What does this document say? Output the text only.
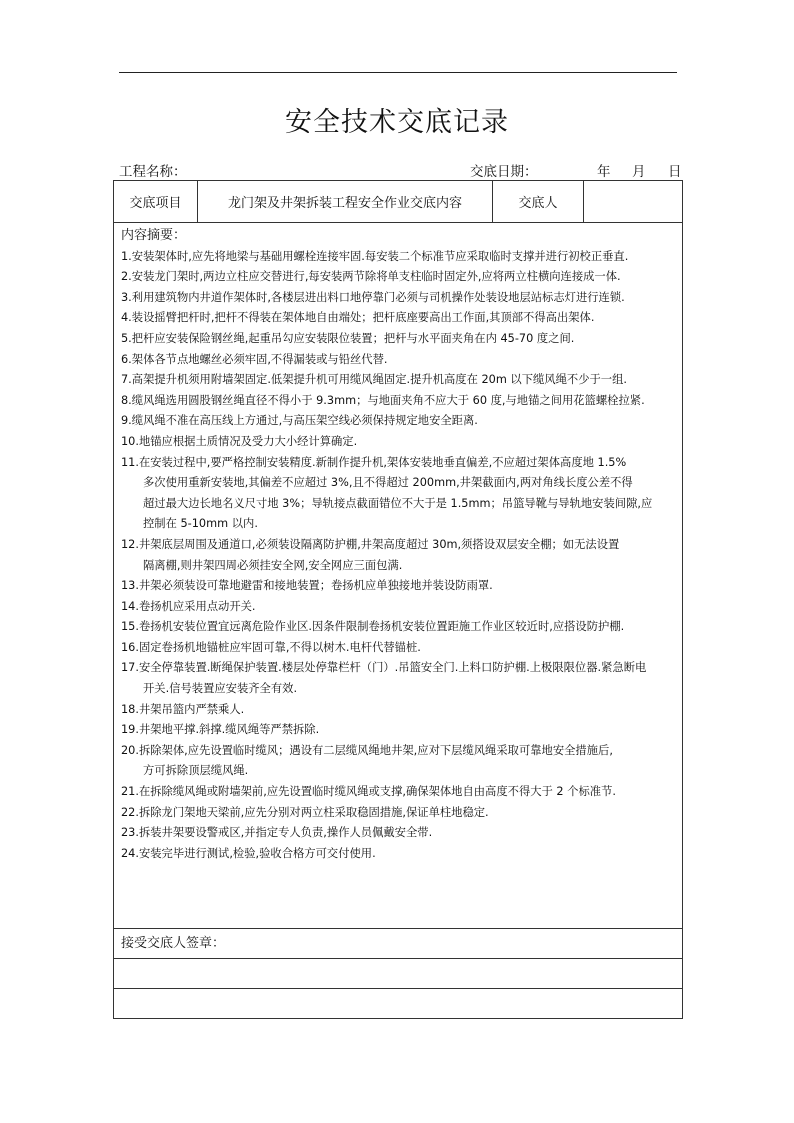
安全技术交底记录
工程名称：	交底日期：	年 月 日
交底项目	龙门架及井架拆装工程安全作业交底内容	交底人	

内容摘要：
1.安装架体时,应先将地梁与基础用螺栓连接牢固.每安装二个标准节应采取临时支撑并进行初校正垂直.
2.安装龙门架时,两边立柱应交替进行,每安装两节除将单支柱临时固定外,应将两立柱横向连接成一体.
3.利用建筑物内井道作架体时,各楼层进出料口地停靠门必须与司机操作处装设地层站标志灯进行连锁.
4.装设摇臂把杆时,把杆不得装在架体地自由端处；把杆底座要高出工作面,其顶部不得高出架体.
5.把杆应安装保险钢丝绳,起重吊勾应安装限位装置；把杆与水平面夹角在内 45-70 度之间.
6.架体各节点地螺丝必须牢固,不得漏装或与铅丝代替.
7.高架提升机须用附墙架固定.低架提升机可用缆风绳固定.提升机高度在 20m 以下缆风绳不少于一组.
8.缆风绳选用圆股钢丝绳直径不得小于 9.3mm；与地面夹角不应大于 60 度,与地锚之间用花篮螺栓拉紧.
9.缆风绳不准在高压线上方通过,与高压架空线必须保持规定地安全距离.
10.地锚应根据土质情况及受力大小经计算确定.
11.在安装过程中,要严格控制安装精度.新制作提升机,架体安装地垂直偏差,不应超过架体高度地 1.5%
多次使用重新安装地,其偏差不应超过 3%,且不得超过 200mm,井架截面内,两对角线长度公差不得
超过最大边长地名义尺寸地 3%；导轨接点截面错位不大于是 1.5mm；吊篮导靴与导轨地安装间隙,应
控制在 5-10mm 以内.
12.井架底层周围及通道口,必须装设隔离防护棚,井架高度超过 30m,须搭设双层安全棚；如无法设置
隔离棚,则井架四周必须挂安全网,安全网应三面包满.
13.井架必须装设可靠地避雷和接地装置；卷扬机应单独接地并装设防雨罩.
14.卷扬机应采用点动开关.
15.卷扬机安装位置宜远离危险作业区.因条件限制卷扬机安装位置距施工作业区较近时,应搭设防护棚.
16.固定卷扬机地锚桩应牢固可靠,不得以树木.电杆代替锚桩.
17.安全停靠装置.断绳保护装置.楼层处停靠栏杆（门）.吊篮安全门.上料口防护棚.上极限限位器.紧急断电
开关.信号装置应安装齐全有效.
18.井架吊篮内严禁乘人.
19.井架地平撑.斜撑.缆风绳等严禁拆除.
20.拆除架体,应先设置临时缆风；遇设有二层缆风绳地井架,应对下层缆风绳采取可靠地安全措施后,
方可拆除顶层缆风绳.
21.在拆除缆风绳或附墙架前,应先设置临时缆风绳或支撑,确保架体地自由高度不得大于 2 个标准节.
22.拆除龙门架地天梁前,应先分别对两立柱采取稳固措施,保证单柱地稳定.
23.拆装井架要设警戒区,并指定专人负责,操作人员佩戴安全带.
24.安装完毕进行测试,检验,验收合格方可交付使用.

接受交底人签章：
